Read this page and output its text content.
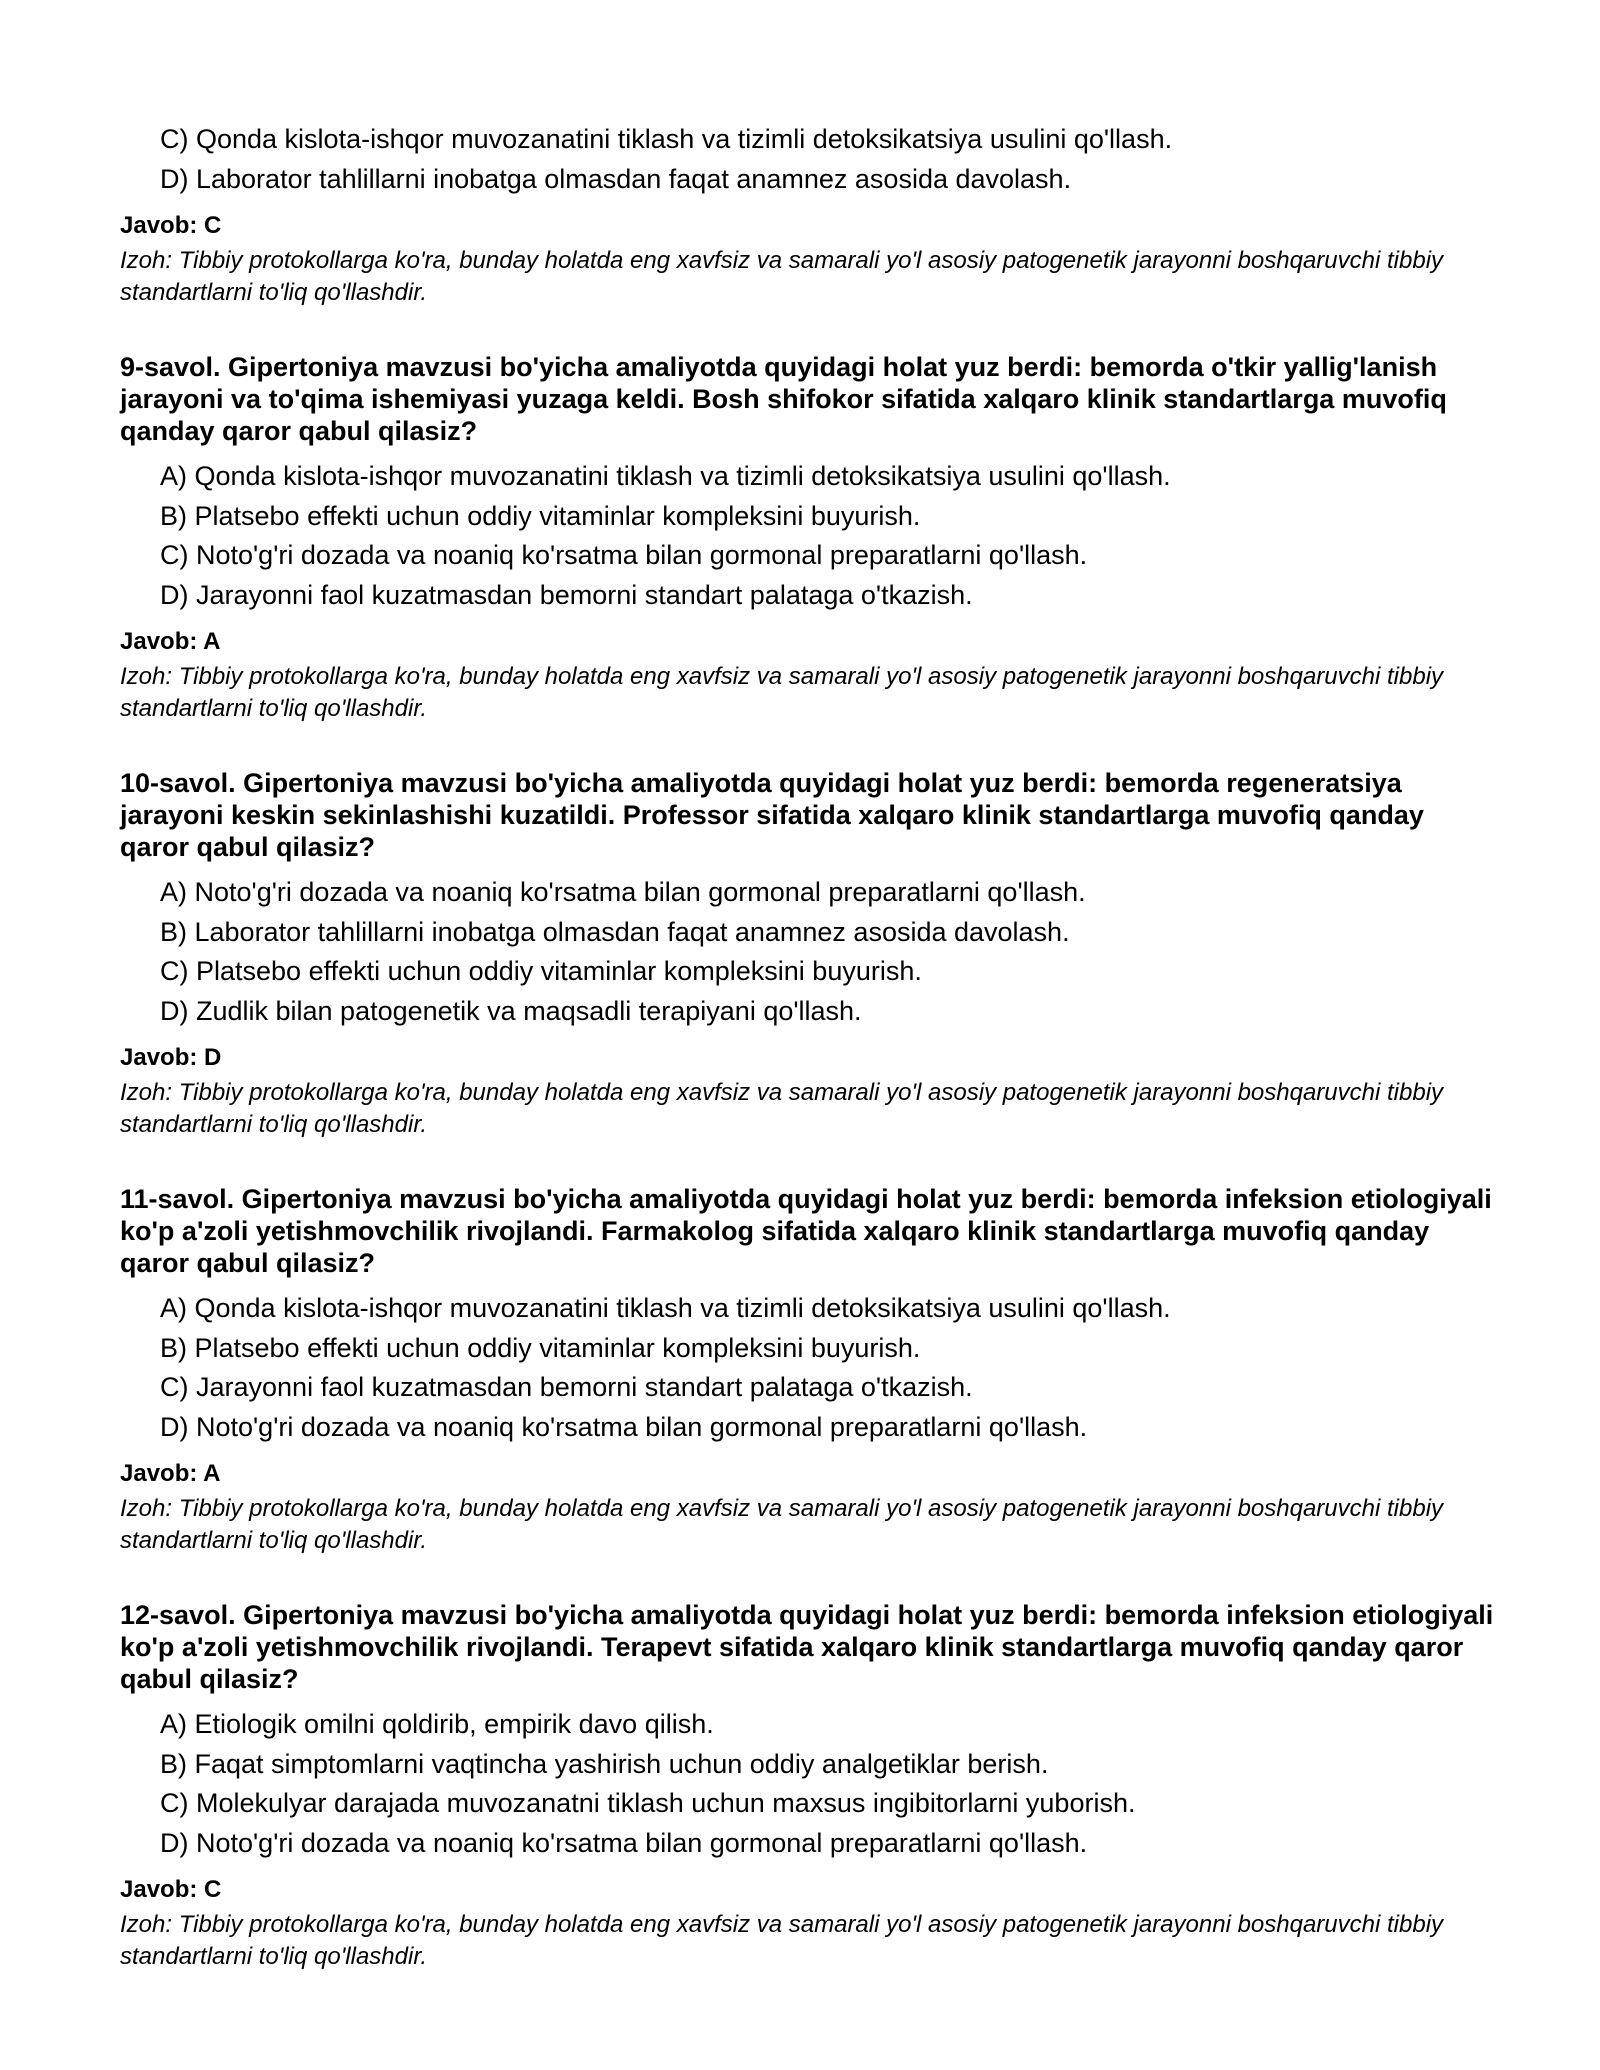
C) Qonda kislota-ishqor muvozanatini tiklash va tizimli detoksikatsiya usulini qo'llash.
D) Laborator tahlillarni inobatga olmasdan faqat anamnez asosida davolash.

Javob: C

Izoh: Tibbiy protokollarga ko'ra, bunday holatda eng xavfsiz va samarali yo'l asosiy patogenetik jarayonni boshqaruvchi tibbiy standartlarni to'liq qo'llashdir.

9-savol. Gipertoniya mavzusi bo'yicha amaliyotda quyidagi holat yuz berdi: bemorda o'tkir yallig'lanish jarayoni va to'qima ishemiyasi yuzaga keldi. Bosh shifokor sifatida xalqaro klinik standartlarga muvofiq qanday qaror qabul qilasiz?

A) Qonda kislota-ishqor muvozanatini tiklash va tizimli detoksikatsiya usulini qo'llash.
B) Platsebo effekti uchun oddiy vitaminlar kompleksini buyurish.
C) Noto'g'ri dozada va noaniq ko'rsatma bilan gormonal preparatlarni qo'llash.
D) Jarayonni faol kuzatmasdan bemorni standart palataga o'tkazish.

Javob: A

Izoh: Tibbiy protokollarga ko'ra, bunday holatda eng xavfsiz va samarali yo'l asosiy patogenetik jarayonni boshqaruvchi tibbiy standartlarni to'liq qo'llashdir.

10-savol. Gipertoniya mavzusi bo'yicha amaliyotda quyidagi holat yuz berdi: bemorda regeneratsiya jarayoni keskin sekinlashishi kuzatildi. Professor sifatida xalqaro klinik standartlarga muvofiq qanday qaror qabul qilasiz?

A) Noto'g'ri dozada va noaniq ko'rsatma bilan gormonal preparatlarni qo'llash.
B) Laborator tahlillarni inobatga olmasdan faqat anamnez asosida davolash.
C) Platsebo effekti uchun oddiy vitaminlar kompleksini buyurish.
D) Zudlik bilan patogenetik va maqsadli terapiyani qo'llash.

Javob: D

Izoh: Tibbiy protokollarga ko'ra, bunday holatda eng xavfsiz va samarali yo'l asosiy patogenetik jarayonni boshqaruvchi tibbiy standartlarni to'liq qo'llashdir.

11-savol. Gipertoniya mavzusi bo'yicha amaliyotda quyidagi holat yuz berdi: bemorda infeksion etiologiyali ko'p a'zoli yetishmovchilik rivojlandi. Farmakolog sifatida xalqaro klinik standartlarga muvofiq qanday qaror qabul qilasiz?

A) Qonda kislota-ishqor muvozanatini tiklash va tizimli detoksikatsiya usulini qo'llash.
B) Platsebo effekti uchun oddiy vitaminlar kompleksini buyurish.
C) Jarayonni faol kuzatmasdan bemorni standart palataga o'tkazish.
D) Noto'g'ri dozada va noaniq ko'rsatma bilan gormonal preparatlarni qo'llash.

Javob: A

Izoh: Tibbiy protokollarga ko'ra, bunday holatda eng xavfsiz va samarali yo'l asosiy patogenetik jarayonni boshqaruvchi tibbiy standartlarni to'liq qo'llashdir.

12-savol. Gipertoniya mavzusi bo'yicha amaliyotda quyidagi holat yuz berdi: bemorda infeksion etiologiyali ko'p a'zoli yetishmovchilik rivojlandi. Terapevt sifatida xalqaro klinik standartlarga muvofiq qanday qaror qabul qilasiz?

A) Etiologik omilni qoldirib, empirik davo qilish.
B) Faqat simptomlarni vaqtincha yashirish uchun oddiy analgetiklar berish.
C) Molekulyar darajada muvozanatni tiklash uchun maxsus ingibitorlarni yuborish.
D) Noto'g'ri dozada va noaniq ko'rsatma bilan gormonal preparatlarni qo'llash.

Javob: C

Izoh: Tibbiy protokollarga ko'ra, bunday holatda eng xavfsiz va samarali yo'l asosiy patogenetik jarayonni boshqaruvchi tibbiy standartlarni to'liq qo'llashdir.
